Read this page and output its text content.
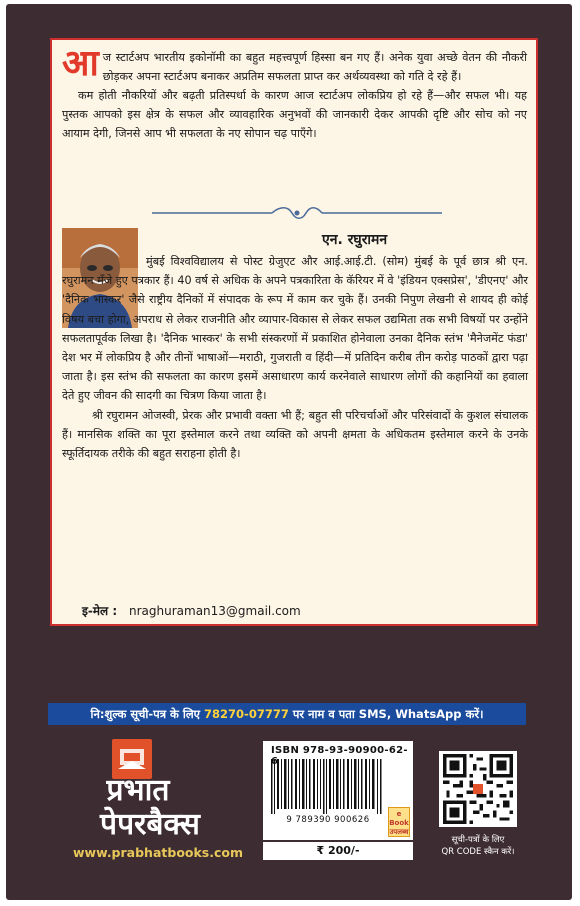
आज स्टार्टअप भारतीय इकोनॉमी का बहुत महत्त्वपूर्ण हिस्सा बन गए हैं। अनेक युवा अच्छे वेतन की नौकरी छोड़कर अपना स्टार्टअप बनाकर अप्रतिम सफलता प्राप्त कर अर्थव्यवस्था को गति दे रहे हैं।

कम होती नौकरियों और बढ़ती प्रतिस्पर्धा के कारण आज स्टार्टअप लोकप्रिय हो रहे हैं—और सफल भी। यह पुस्तक आपको इस क्षेत्र के सफल और व्यावहारिक अनुभवों की जानकारी देकर आपकी दृष्टि और सोच को नए आयाम देगी, जिनसे आप भी सफलता के नए सोपान चढ़ पाएँगे।

एन. रघुरामन

मुंबई विश्वविद्यालय से पोस्ट ग्रेजुएट और आई.आई.टी. (सोम) मुंबई के पूर्व छात्र श्री एन. रघुरामन मँजे हुए पत्रकार हैं। 40 वर्ष से अधिक के अपने पत्रकारिता के कॅरियर में वे 'इंडियन एक्सप्रेस', 'डीएनए' और 'दैनिक भास्कर' जैसे राष्ट्रीय दैनिकों में संपादक के रूप में काम कर चुके हैं। उनकी निपुण लेखनी से शायद ही कोई विषय बचा होगा, अपराध से लेकर राजनीति और व्यापार-विकास से लेकर सफल उद्यमिता तक सभी विषयों पर उन्होंने सफलतापूर्वक लिखा है। 'दैनिक भास्कर' के सभी संस्करणों में प्रकाशित होनेवाला उनका दैनिक स्तंभ 'मैनेजमेंट फंडा' देश भर में लोकप्रिय है और तीनों भाषाओं—मराठी, गुजराती व हिंदी—में प्रतिदिन करीब तीन करोड़ पाठकों द्वारा पढ़ा जाता है। इस स्तंभ की सफलता का कारण इसमें असाधारण कार्य करनेवाले साधारण लोगों की कहानियों का हवाला देते हुए जीवन की सादगी का चित्रण किया जाता है।

श्री रघुरामन ओजस्वी, प्रेरक और प्रभावी वक्ता भी हैं; बहुत सी परिचर्चाओं और परिसंवादों के कुशल संचालक हैं। मानसिक शक्ति का पूरा इस्तेमाल करने तथा व्यक्ति को अपनी क्षमता के अधिकतम इस्तेमाल करने के उनके स्फूर्तिदायक तरीके की बहुत सराहना होती है।

इ-मेल : nraghuraman13@gmail.com
नि:शुल्क सूची-पत्र के लिए 78270-07777 पर नाम व पता SMS, WhatsApp करें।
प्रभात
पेपरबैक्स
www.prabhatbooks.com
ISBN 978-93-90900-62-6
9 789390 900626
e Book उपलब्ध
₹ 200/-
सूची-पत्रों के लिए
QR CODE स्कैन करें।
